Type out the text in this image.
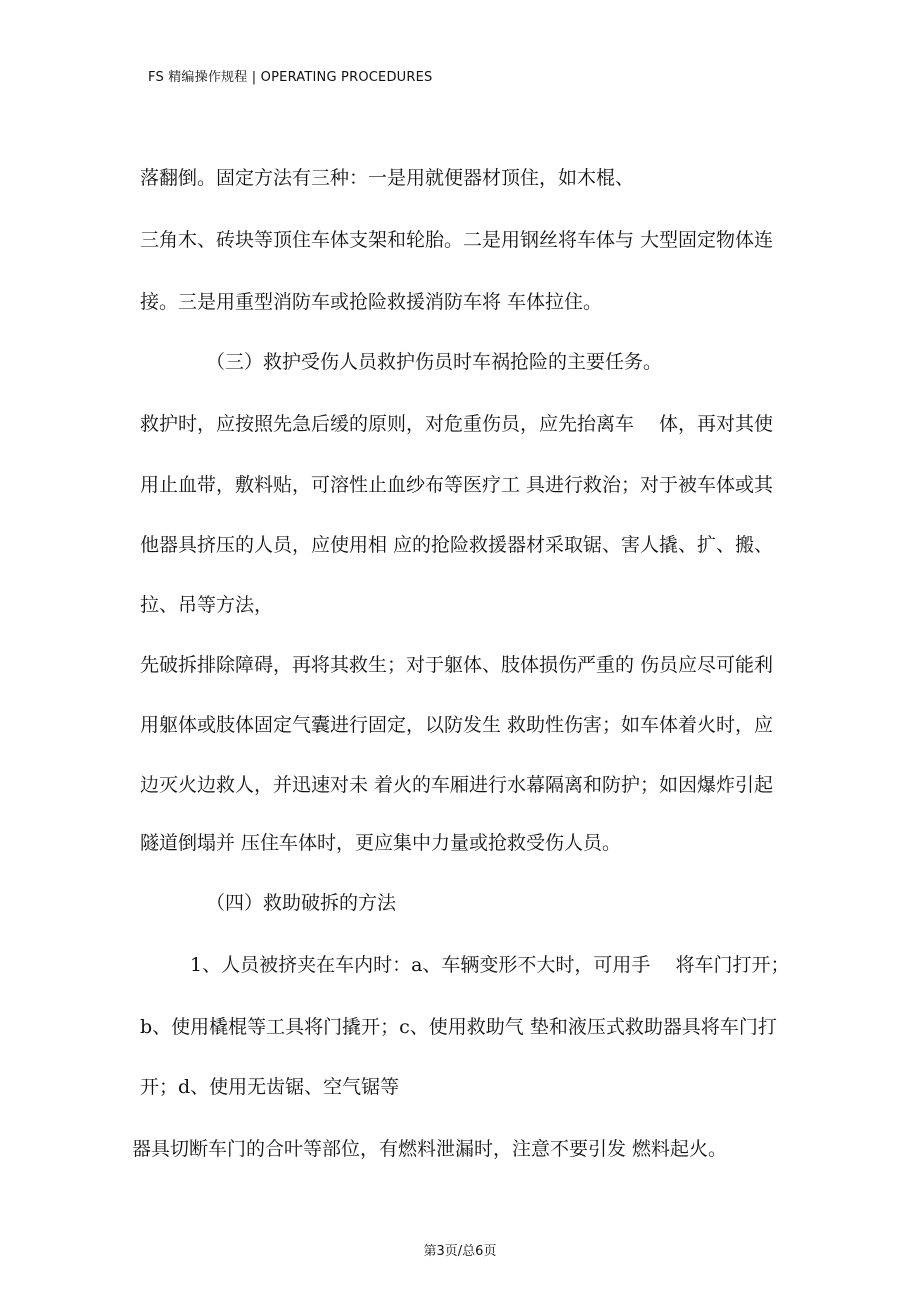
FS 精编操作规程 | OPERATING PROCEDURES
落翻倒。固定方法有三种：一是用就便器材顶住，如木棍、
三角木、砖块等顶住车体支架和轮胎。二是用钢丝将车体与 大型固定物体连
接。三是用重型消防车或抢险救援消防车将 车体拉住。
（三）救护受伤人员救护伤员时车祸抢险的主要任务。
救护时，应按照先急后缓的原则，对危重伤员，应先抬离车　 体，再对其使
用止血带，敷料贴，可溶性止血纱布等医疗工 具进行救治；对于被车体或其
他器具挤压的人员，应使用相 应的抢险救援器材采取锯、害人撬、扩、搬、
拉、吊等方法，
先破拆排除障碍，再将其救生；对于躯体、肢体损伤严重的 伤员应尽可能利
用躯体或肢体固定气囊进行固定，以防发生 救助性伤害；如车体着火时，应
边灭火边救人，并迅速对未 着火的车厢进行水幕隔离和防护；如因爆炸引起
隧道倒塌并 压住车体时，更应集中力量或抢救受伤人员。
（四）救助破拆的方法
1、人员被挤夹在车内时：a、车辆变形不大时，可用手　 将车门打开；
b、使用橇棍等工具将门撬开；c、使用救助气 垫和液压式救助器具将车门打
开；d、使用无齿锯、空气锯等
器具切断车门的合叶等部位，有燃料泄漏时，注意不要引发 燃料起火。
第3页/总6页
